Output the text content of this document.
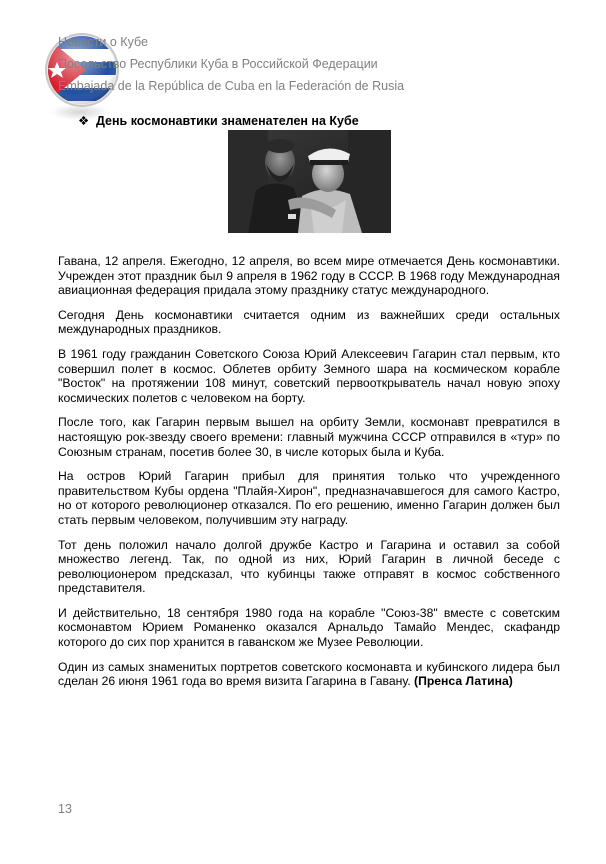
Новости о Кубе
Посольство Республики Куба в Российской Федерации
Embajada de la República de Cuba en la Federación de Rusia
❖ День космонавтики знаменателен на Кубе

Гавана, 12 апреля. Ежегодно, 12 апреля, во всем мире отмечается День космонавтики. Учрежден этот праздник был 9 апреля в 1962 году в СССР. В 1968 году Международная авиационная федерация придала этому празднику статус международного.

Сегодня День космонавтики считается одним из важнейших среди остальных международных праздников.

В 1961 году гражданин Советского Союза Юрий Алексеевич Гагарин стал первым, кто совершил полет в космос. Облетев орбиту Земного шара на космическом корабле "Восток" на протяжении 108 минут, советский первооткрыватель начал новую эпоху космических полетов с человеком на борту.

После того, как Гагарин первым вышел на орбиту Земли, космонавт превратился в настоящую рок-звезду своего времени: главный мужчина СССР отправился в «тур» по Союзным странам, посетив более 30, в числе которых была и Куба.

На остров Юрий Гагарин прибыл для принятия только что учрежденного правительством Кубы ордена "Плайя-Хирон", предназначавшегося для самого Кастро, но от которого революционер отказался. По его решению, именно Гагарин должен был стать первым человеком, получившим эту награду.

Тот день положил начало долгой дружбе Кастро и Гагарина и оставил за собой множество легенд. Так, по одной из них, Юрий Гагарин в личной беседе с революционером предсказал, что кубинцы также отправят в космос собственного представителя.

И действительно, 18 сентября 1980 года на корабле "Союз-38" вместе с советским космонавтом Юрием Романенко оказался Арнальдо Тамайо Мендес, скафандр которого до сих пор хранится в гаванском же Музее Революции.

Один из самых знаменитых портретов советского космонавта и кубинского лидера был сделан 26 июня 1961 года во время визита Гагарина в Гавану. (Пренса Латина)

13
